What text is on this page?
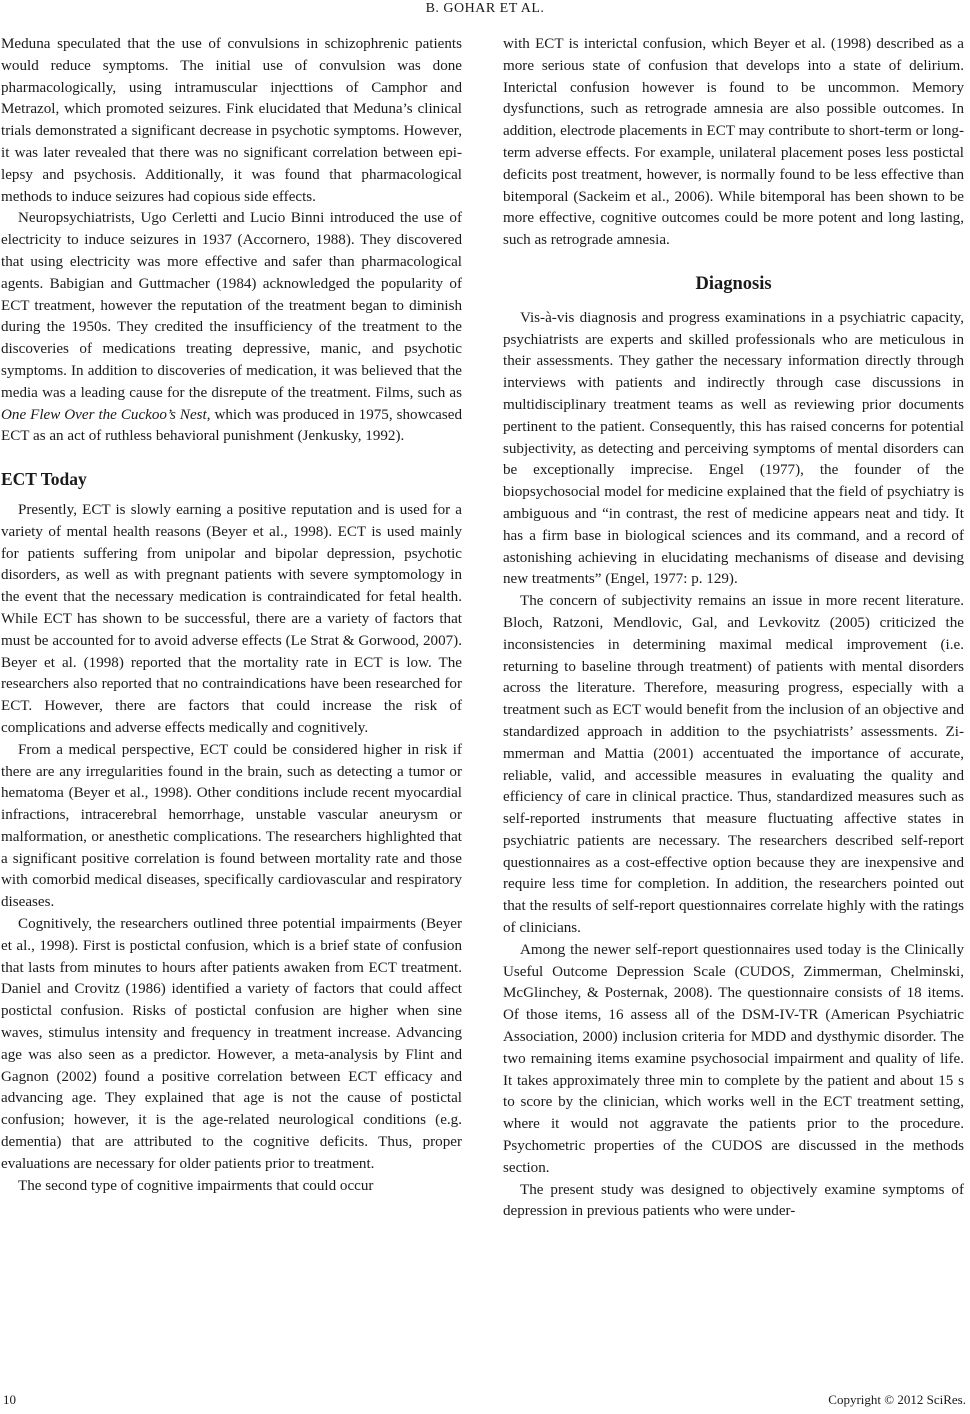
B. GOHAR ET AL.

Meduna speculated that the use of convulsions in schizophrenic patients would reduce symptoms. The initial use of convulsion was done pharmacologically, using intramuscular injecttions of Camphor and Metrazol, which promoted seizures. Fink elucidated that Meduna’s clinical trials demonstrated a significant decrease in psychotic symptoms. However, it was later revealed that there was no significant correlation between epilepsy and psychosis. Additionally, it was found that pharmacological methods to induce seizures had copious side effects.

Neuropsychiatrists, Ugo Cerletti and Lucio Binni introduced the use of electricity to induce seizures in 1937 (Accornero, 1988). They discovered that using electricity was more effective and safer than pharmacological agents. Babigian and Guttmacher (1984) acknowledged the popularity of ECT treatment, however the reputation of the treatment began to diminish during the 1950s. They credited the insufficiency of the treatment to the discoveries of medications treating depressive, manic, and psychotic symptoms. In addition to discoveries of medication, it was believed that the media was a leading cause for the disrepute of the treatment. Films, such as One Flew Over the Cuckoo’s Nest, which was produced in 1975, showcased ECT as an act of ruthless behavioral punishment (Jenkusky, 1992).

ECT Today

Presently, ECT is slowly earning a positive reputation and is used for a variety of mental health reasons (Beyer et al., 1998). ECT is used mainly for patients suffering from unipolar and bipolar depression, psychotic disorders, as well as with pregnant patients with severe symptomology in the event that the necessary medication is contraindicated for fetal health. While ECT has shown to be successful, there are a variety of factors that must be accounted for to avoid adverse effects (Le Strat & Gorwood, 2007). Beyer et al. (1998) reported that the mortality rate in ECT is low. The researchers also reported that no contraindications have been researched for ECT. However, there are factors that could increase the risk of complications and adverse effects medically and cognitively.

From a medical perspective, ECT could be considered higher in risk if there are any irregularities found in the brain, such as detecting a tumor or hematoma (Beyer et al., 1998). Other conditions include recent myocardial infractions, intracerebral hemorrhage, unstable vascular aneurysm or malformation, or anesthetic complications. The researchers highlighted that a significant positive correlation is found between mortality rate and those with comorbid medical diseases, specifically cardiovascular and respiratory diseases.

Cognitively, the researchers outlined three potential impairments (Beyer et al., 1998). First is postictal confusion, which is a brief state of confusion that lasts from minutes to hours after patients awaken from ECT treatment. Daniel and Crovitz (1986) identified a variety of factors that could affect postictal confusion. Risks of postictal confusion are higher when sine waves, stimulus intensity and frequency in treatment increase. Advancing age was also seen as a predictor. However, a meta-analysis by Flint and Gagnon (2002) found a positive correlation between ECT efficacy and advancing age. They explained that age is not the cause of postictal confusion; however, it is the age-related neurological conditions (e.g. dementia) that are attributed to the cognitive deficits. Thus, proper evaluations are necessary for older patients prior to treatment.

The second type of cognitive impairments that could occur

with ECT is interictal confusion, which Beyer et al. (1998) described as a more serious state of confusion that develops into a state of delirium. Interictal confusion however is found to be uncommon. Memory dysfunctions, such as retrograde amnesia are also possible outcomes. In addition, electrode placements in ECT may contribute to short-term or long-term adverse effects. For example, unilateral placement poses less postictal deficits post treatment, however, is normally found to be less effective than bitemporal (Sackeim et al., 2006). While bitemporal has been shown to be more effective, cognitive outcomes could be more potent and long lasting, such as retrograde amnesia.

Diagnosis

Vis-à-vis diagnosis and progress examinations in a psychiatric capacity, psychiatrists are experts and skilled professionals who are meticulous in their assessments. They gather the necessary information directly through interviews with patients and indirectly through case discussions in multidisciplinary treatment teams as well as reviewing prior documents pertinent to the patient. Consequently, this has raised concerns for potential subjectivity, as detecting and perceiving symptoms of mental disorders can be exceptionally imprecise. Engel (1977), the founder of the biopsychosocial model for medicine explained that the field of psychiatry is ambiguous and “in contrast, the rest of medicine appears neat and tidy. It has a firm base in biological sciences and its command, and a record of astonishing achieving in elucidating mechanisms of disease and devising new treatments” (Engel, 1977: p. 129).

The concern of subjectivity remains an issue in more recent literature. Bloch, Ratzoni, Mendlovic, Gal, and Levkovitz (2005) criticized the inconsistencies in determining maximal medical improvement (i.e. returning to baseline through treatment) of patients with mental disorders across the literature. Therefore, measuring progress, especially with a treatment such as ECT would benefit from the inclusion of an objective and standardized approach in addition to the psychiatrists’ assessments. Zimmerman and Mattia (2001) accentuated the importance of accurate, reliable, valid, and accessible measures in evaluating the quality and efficiency of care in clinical practice. Thus, standardized measures such as self-reported instruments that measure fluctuating affective states in psychiatric patients are necessary. The researchers described self-report questionnaires as a cost-effective option because they are inexpensive and require less time for completion. In addition, the researchers pointed out that the results of self-report questionnaires correlate highly with the ratings of clinicians.

Among the newer self-report questionnaires used today is the Clinically Useful Outcome Depression Scale (CUDOS, Zimmerman, Chelminski, McGlinchey, & Posternak, 2008). The questionnaire consists of 18 items. Of those items, 16 assess all of the DSM-IV-TR (American Psychiatric Association, 2000) inclusion criteria for MDD and dysthymic disorder. The two remaining items examine psychosocial impairment and quality of life. It takes approximately three min to complete by the patient and about 15 s to score by the clinician, which works well in the ECT treatment setting, where it would not aggravate the patients prior to the procedure. Psychometric properties of the CUDOS are discussed in the methods section.

The present study was designed to objectively examine symptoms of depression in previous patients who were under-

10	Copyright © 2012 SciRes.
